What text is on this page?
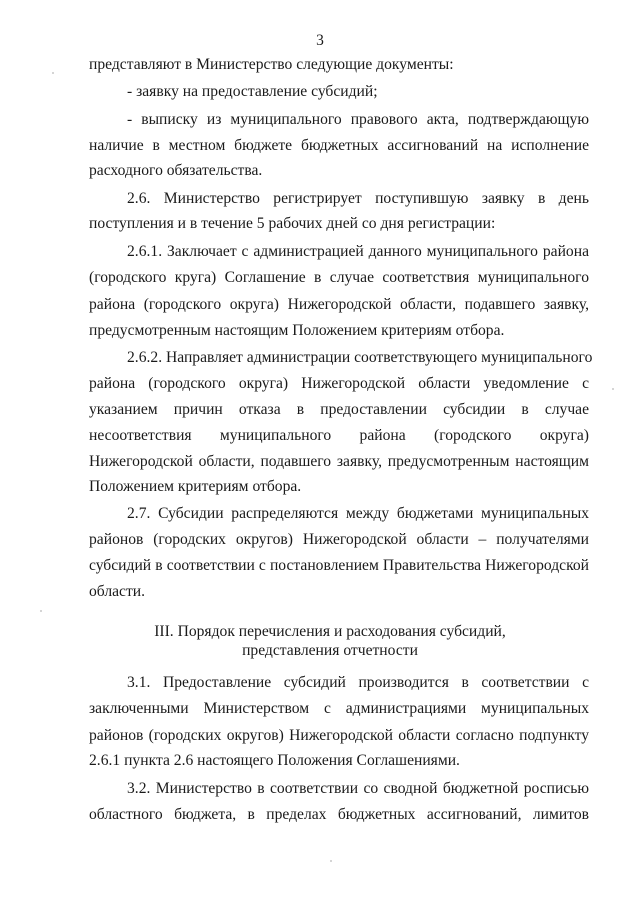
3
представляют в Министерство следующие документы:
- заявку на предоставление субсидий;
- выписку из муниципального правового акта, подтверждающую
наличие в местном бюджете бюджетных ассигнований на исполнение
расходного обязательства.
2.6. Министерство регистрирует поступившую заявку в день
поступления и в течение 5 рабочих дней со дня регистрации:
2.6.1. Заключает с администрацией данного муниципального района
(городского круга) Соглашение в случае соответствия муниципального
района (городского округа) Нижегородской области, подавшего заявку,
предусмотренным настоящим Положением критериям отбора.
2.6.2. Направляет администрации соответствующего муниципального
района (городского округа) Нижегородской области уведомление с
указанием причин отказа в предоставлении субсидии в случае
несоответствия муниципального района (городского округа)
Нижегородской области, подавшего заявку, предусмотренным настоящим
Положением критериям отбора.
2.7. Субсидии распределяются между бюджетами муниципальных
районов (городских округов) Нижегородской области – получателями
субсидий в соответствии с постановлением Правительства Нижегородской
области.
III. Порядок перечисления и расходования субсидий,
представления отчетности
3.1. Предоставление субсидий производится в соответствии с
заключенными Министерством с администрациями муниципальных
районов (городских округов) Нижегородской области согласно подпункту
2.6.1 пункта 2.6 настоящего Положения Соглашениями.
3.2. Министерство в соответствии со сводной бюджетной росписью
областного бюджета, в пределах бюджетных ассигнований, лимитов
